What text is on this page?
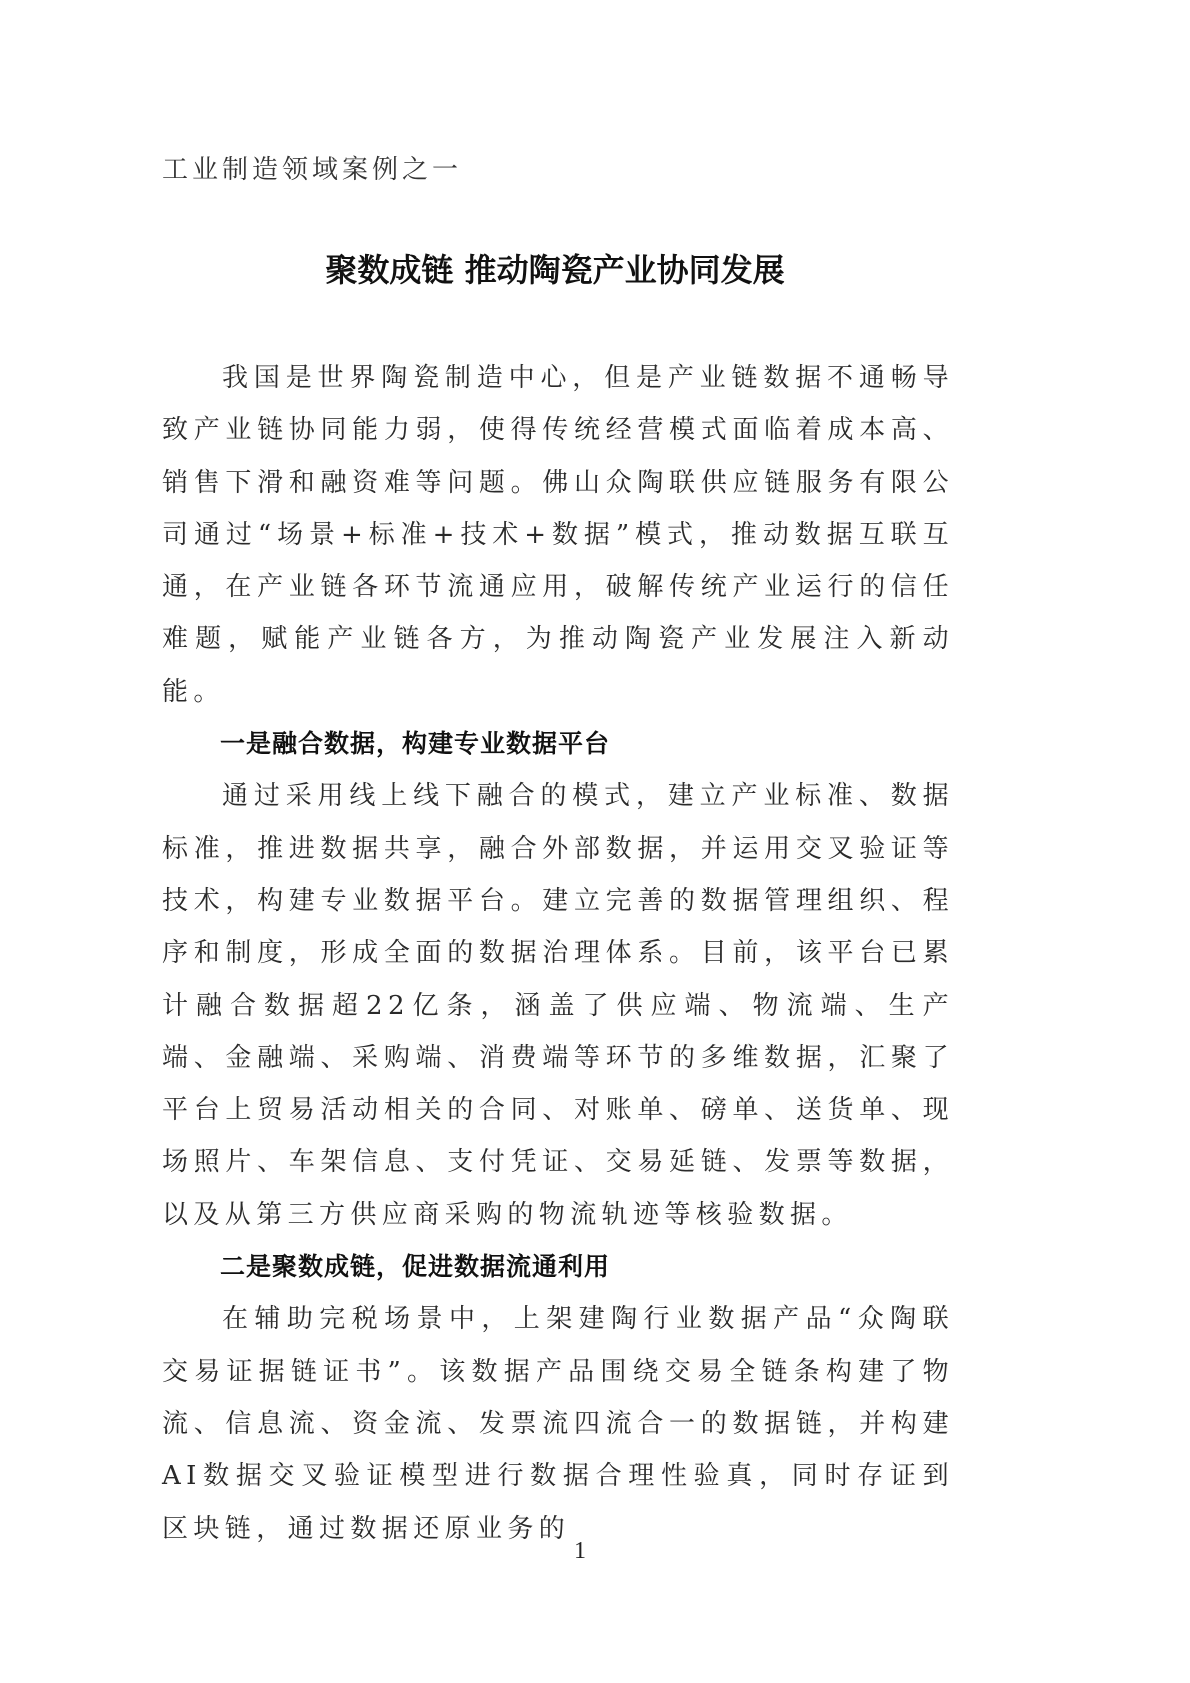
工业制造领域案例之一
聚数成链 推动陶瓷产业协同发展

我国是世界陶瓷制造中心，但是产业链数据不通畅导致产业链协同能力弱，使得传统经营模式面临着成本高、销售下滑和融资难等问题。佛山众陶联供应链服务有限公司通过“场景+标准+技术+数据”模式，推动数据互联互通，在产业链各环节流通应用，破解传统产业运行的信任难题，赋能产业链各方，为推动陶瓷产业发展注入新动能。

一是融合数据，构建专业数据平台

通过采用线上线下融合的模式，建立产业标准、数据标准，推进数据共享，融合外部数据，并运用交叉验证等技术，构建专业数据平台。建立完善的数据管理组织、程序和制度，形成全面的数据治理体系。目前，该平台已累计融合数据超22亿条，涵盖了供应端、物流端、生产端、金融端、采购端、消费端等环节的多维数据，汇聚了平台上贸易活动相关的合同、对账单、磅单、送货单、现场照片、车架信息、支付凭证、交易延链、发票等数据，以及从第三方供应商采购的物流轨迹等核验数据。

二是聚数成链，促进数据流通利用

在辅助完税场景中，上架建陶行业数据产品“众陶联交易证据链证书”。该数据产品围绕交易全链条构建了物流、信息流、资金流、发票流四流合一的数据链，并构建AI数据交叉验证模型进行数据合理性验真，同时存证到区块链，通过数据还原业务的

1
